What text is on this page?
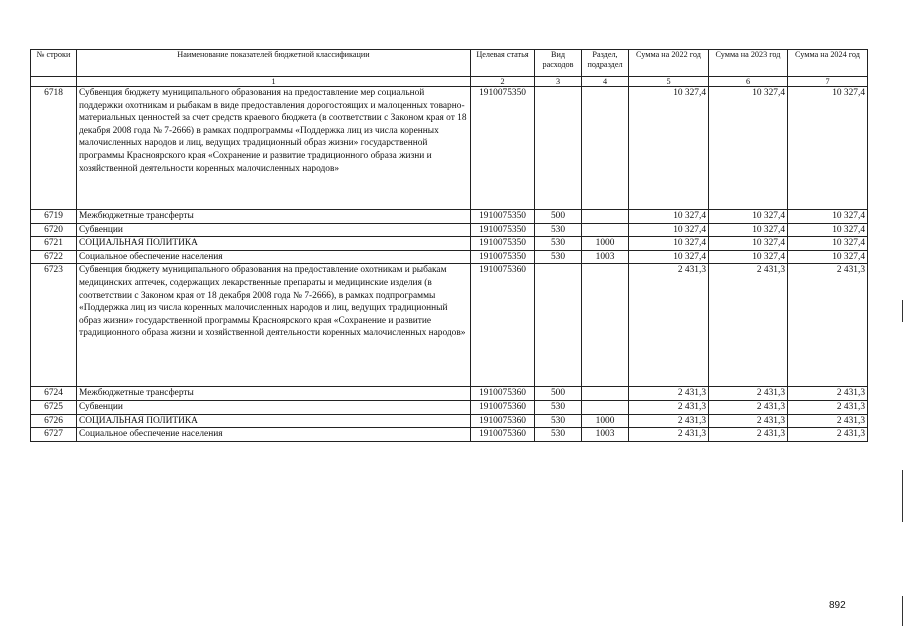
№ строки	Наименование показателей бюджетной классификации	Целевая статья	Вид расходов	Раздел, подраздел	Сумма на 2022 год	Сумма на 2023 год	Сумма на 2024 год
	1	2	3	4	5	6	7
6718	Субвенция бюджету муниципального образования на предоставление мер социальной поддержки охотникам и рыбакам в виде предоставления дорогостоящих и малоценных товарно-материальных ценностей за счет средств краевого бюджета (в соответствии с Законом края от 18 декабря 2008 года № 7-2666) в рамках подпрограммы «Поддержка лиц из числа коренных малочисленных народов и лиц, ведущих традиционный образ жизни» государственной программы Красноярского края «Сохранение и развитие традиционного образа жизни и хозяйственной деятельности коренных малочисленных народов»	1910075350			10 327,4	10 327,4	10 327,4
6719	Межбюджетные трансферты	1910075350	500		10 327,4	10 327,4	10 327,4
6720	Субвенции	1910075350	530		10 327,4	10 327,4	10 327,4
6721	СОЦИАЛЬНАЯ ПОЛИТИКА	1910075350	530	1000	10 327,4	10 327,4	10 327,4
6722	Социальное обеспечение населения	1910075350	530	1003	10 327,4	10 327,4	10 327,4
6723	Субвенция бюджету муниципального образования на предоставление охотникам и рыбакам медицинских аптечек, содержащих лекарственные препараты и медицинские изделия (в соответствии с Законом края от 18 декабря 2008 года № 7-2666), в рамках подпрограммы «Поддержка лиц из числа коренных малочисленных народов и лиц, ведущих традиционный образ жизни» государственной программы Красноярского края «Сохранение и развитие традиционного образа жизни и хозяйственной деятельности коренных малочисленных народов»	1910075360			2 431,3	2 431,3	2 431,3
6724	Межбюджетные трансферты	1910075360	500		2 431,3	2 431,3	2 431,3
6725	Субвенции	1910075360	530		2 431,3	2 431,3	2 431,3
6726	СОЦИАЛЬНАЯ ПОЛИТИКА	1910075360	530	1000	2 431,3	2 431,3	2 431,3
6727	Социальное обеспечение населения	1910075360	530	1003	2 431,3	2 431,3	2 431,3
892
